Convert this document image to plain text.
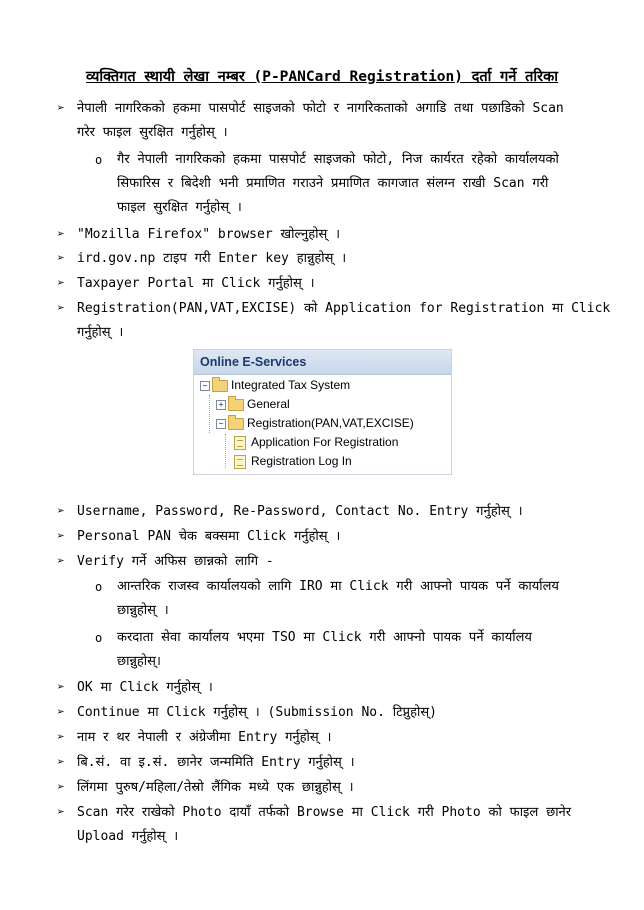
व्यक्तिगत स्थायी लेखा नम्बर (P-PANCard Registration) दर्ता गर्ने तरिका
➢ नेपाली नागरिकको हकमा पासपोर्ट साइजको फोटो र नागरिकताको अगाडि तथा पछाडिको Scan
गरेर फाइल सुरक्षित गर्नुहोस् ।
o गैर नेपाली नागरिकको हकमा पासपोर्ट साइजको फोटो, निज कार्यरत रहेको कार्यालयको
सिफारिस र बिदेशी भनी प्रमाणित गराउने प्रमाणित कागजात संलग्न राखी Scan गरी
फाइल सुरक्षित गर्नुहोस् ।
➢ "Mozilla Firefox" browser खोल्नुहोस् ।
➢ ird.gov.np टाइप गरी Enter key हान्नुहोस् ।
➢ Taxpayer Portal मा Click गर्नुहोस् ।
➢ Registration(PAN,VAT,EXCISE) को Application for Registration मा Click
गर्नुहोस् ।
Online E-Services
− Integrated Tax System
+ General
− Registration(PAN,VAT,EXCISE)
Application For Registration
Registration Log In
➢ Username, Password, Re-Password, Contact No. Entry गर्नुहोस् ।
➢ Personal PAN चेक बक्समा Click गर्नुहोस् ।
➢ Verify गर्ने अफिस छान्नको लागि -
o आन्तरिक राजस्व कार्यालयको लागि IRO मा Click गरी आफ्नो पायक पर्ने कार्यालय
छान्नुहोस् ।
o करदाता सेवा कार्यालय भएमा TSO मा Click गरी आफ्नो पायक पर्ने कार्यालय
छान्नुहोस्।
➢ OK मा Click गर्नुहोस् ।
➢ Continue मा Click गर्नुहोस् । (Submission No. टिप्नुहोस्)
➢ नाम र थर नेपाली र अंग्रेजीमा Entry गर्नुहोस् ।
➢ बि.सं. वा इ.सं. छानेर जन्ममिति Entry गर्नुहोस् ।
➢ लिंगमा पुरुष/महिला/तेस्रो लैंगिक मध्ये एक छान्नुहोस् ।
➢ Scan गरेर राखेको Photo दायाँ तर्फको Browse मा Click गरी Photo को फाइल छानेर
Upload गर्नुहोस् ।
